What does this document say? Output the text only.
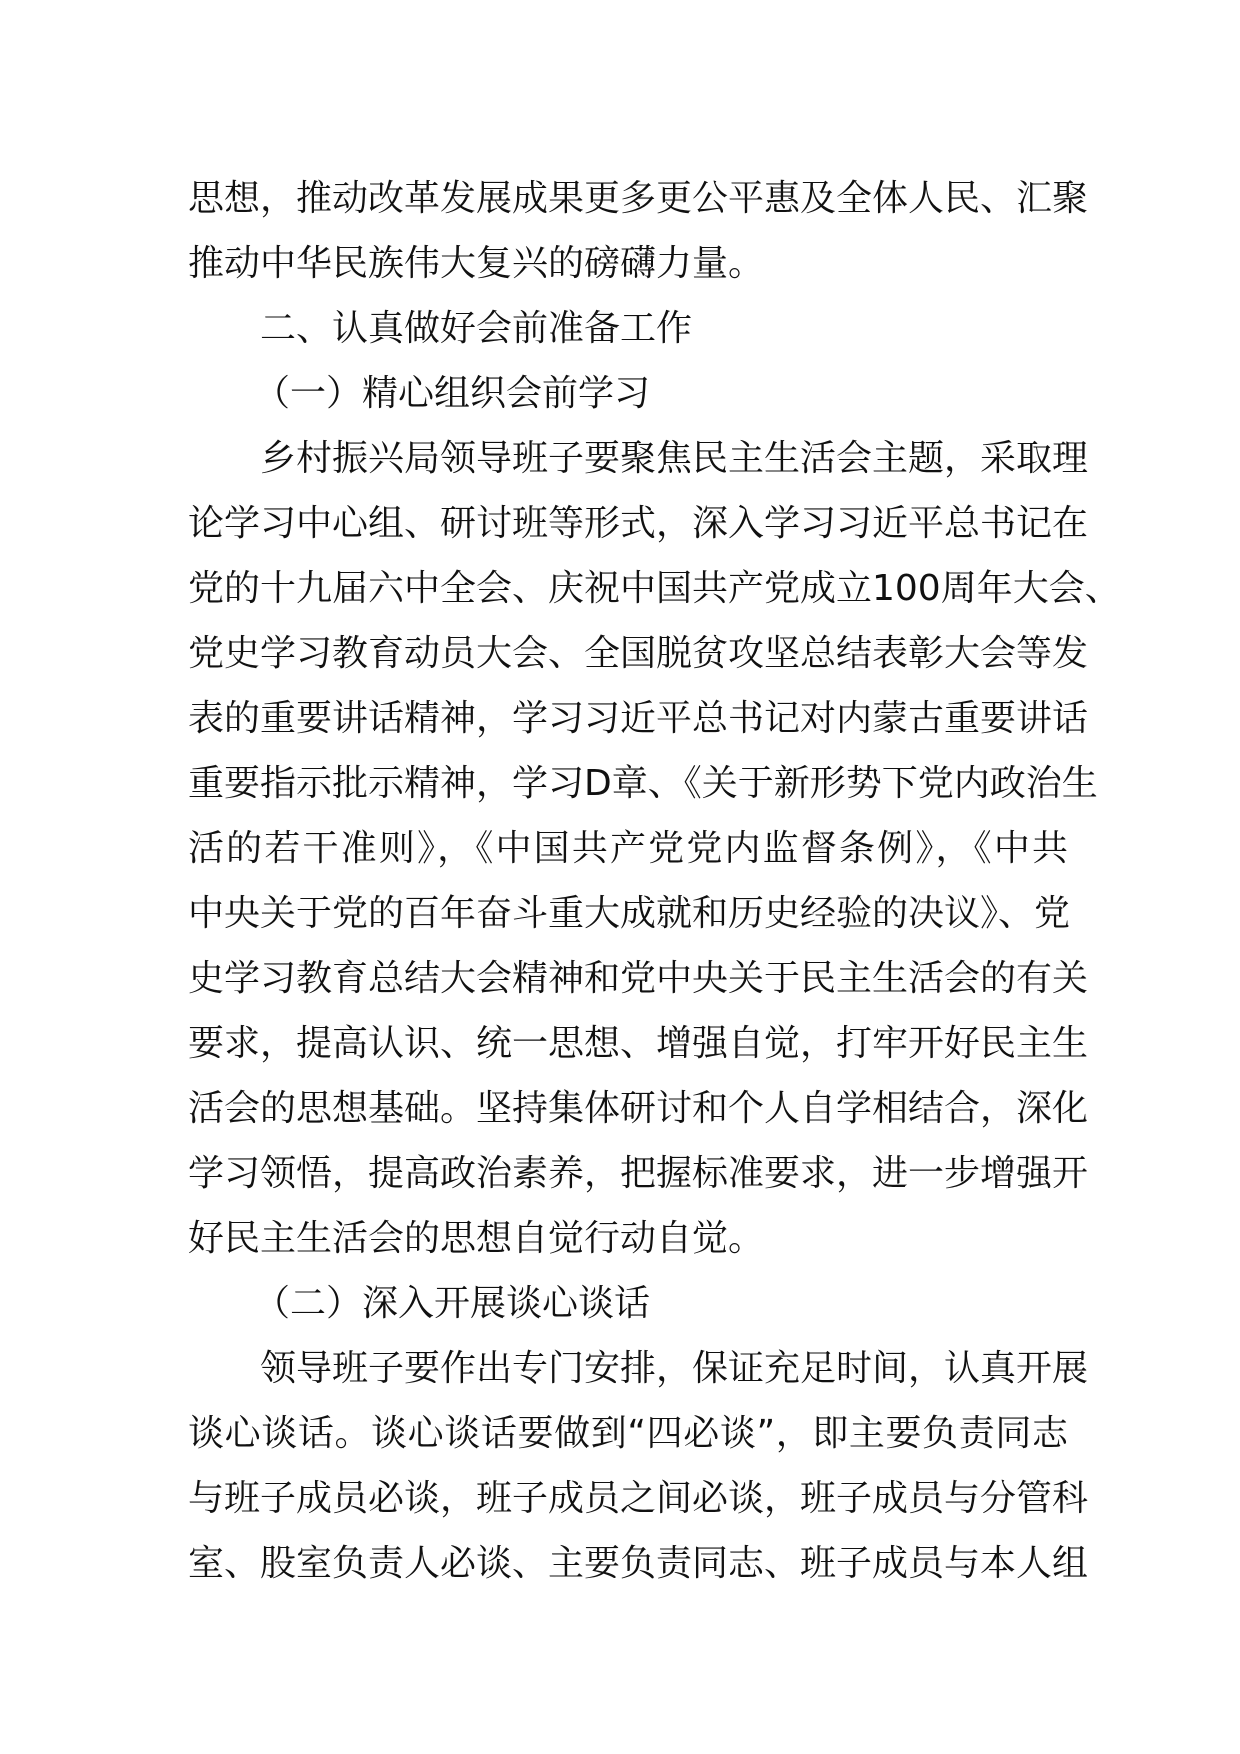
思想，推动改革发展成果更多更公平惠及全体人民、汇聚
推动中华民族伟大复兴的磅礴力量。
二、认真做好会前准备工作
（一）精心组织会前学习
乡村振兴局领导班子要聚焦民主生活会主题，采取理
论学习中心组、研讨班等形式，深入学习习近平总书记在
党的十九届六中全会、庆祝中国共产党成立100周年大会、
党史学习教育动员大会、全国脱贫攻坚总结表彰大会等发
表的重要讲话精神，学习习近平总书记对内蒙古重要讲话
重要指示批示精神，学习D章、《关于新形势下党内政治生
活的若干准则》，《中国共产党党内监督条例》，《中共
中央关于党的百年奋斗重大成就和历史经验的决议》、党
史学习教育总结大会精神和党中央关于民主生活会的有关
要求，提高认识、统一思想、增强自觉，打牢开好民主生
活会的思想基础。坚持集体研讨和个人自学相结合，深化
学习领悟，提高政治素养，把握标准要求，进一步增强开
好民主生活会的思想自觉行动自觉。
（二）深入开展谈心谈话
领导班子要作出专门安排，保证充足时间，认真开展
谈心谈话。谈心谈话要做到“四必谈”，即主要负责同志
与班子成员必谈，班子成员之间必谈，班子成员与分管科
室、股室负责人必谈、主要负责同志、班子成员与本人组
